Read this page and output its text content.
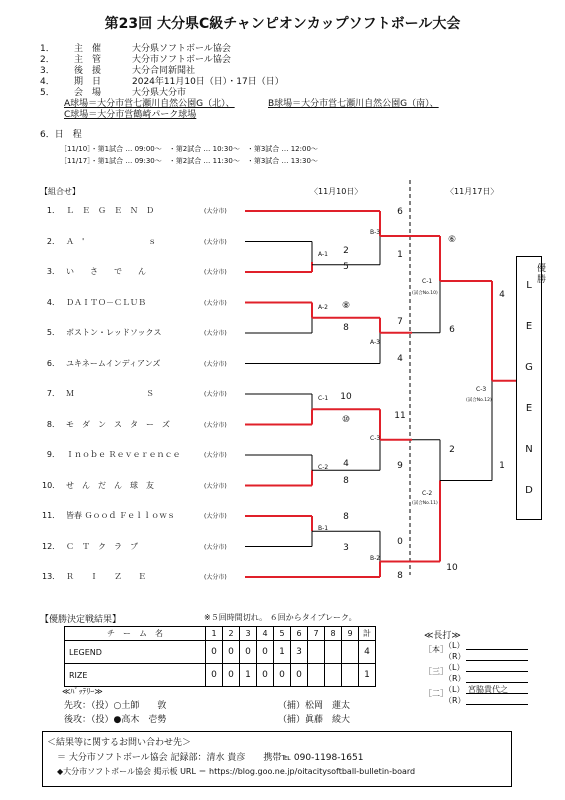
第23回 大分県C級チャンピオンカップソフトボール大会
1． 主　催	大分県ソフトボール協会
2． 主　管	大分市ソフトボール協会
3． 後　援	大分合同新聞社
4． 期　日	2024年11月10日（日）・17日（日）
5． 会　場	大分県大分市
A球場＝大分市営七瀬川自然公園G（北）、	B球場＝大分市営七瀬川自然公園G（南）、
C球場＝大分市営鶴崎パーク球場
6．日　程
［11/10］・第1試合 … 09:00～　・第2試合 … 10:30～　・第3試合 … 12:00～
［11/17］・第1試合 … 09:30～　・第2試合 … 11:30～　・第3試合 … 13:30～
【組合せ】	〈11月10日〉	〈11月17日〉
1． Ｌ　Ｅ　Ｇ　Ｅ　Ｎ　Ｄ	(大分市)
2． Ａ　'　　　　　　　　ｓ	(大分市)
3． い　　さ　　で　　ん	(大分市)
4． ＤＡＩＴＯ－ＣＬＵＢ	(大分市)
5． ボストン・レッドソックス	(大分市)
6． ユキネームインディアンズ	(大分市)
7． Ｍ　　　　　　　　　Ｓ	(大分市)
8． モ　ダ　ン　ス　タ　ー　ズ	(大分市)
9． Ｉｎｏｂｅ Ｒｅｖｅｒｅｎｃｅ	(大分市)
10． せ　ん　だ　ん　球　友	(大分市)
11． 皆春 Ｇｏｏｄ Ｆｅｌｌｏｗｓ	(大分市)
12． Ｃ　Ｔ　ク　ラ　ブ	(大分市)
13． Ｒ　　Ｉ　　Ｚ　　Ｅ	(大分市)
A-1	2
5
A-2 ⑧
8
A-3
7
4
B-1
8
3
B-2
0
8
B-3
6
1
C-1
(試合No.10)
⑥
6
C-1 10
⑩
C-2	4
8
C-3
11
9
C-2
(試合No.11)
2
10
C-3
(試合No.12)
4
1
優勝
L
E
G
E
N
D
【優勝決定戦結果】	※５回時間切れ。 ６回からタイブレーク。
チ　ー　ム　名	1	2	3	4	5	6	7	8	9	計
LEGEND	0	0	0	0	1	3				4
RIZE	0	0	1	0	0	0				1
≪ﾊﾞｯﾃﾘｰ≫
先攻：（投）○土師　　敦	（捕）松岡　蓮太
後攻：（投）●高木　壱勢	（捕）眞藤　綾大
≪長打≫
［本］
（L）
（R）
［三］
（L）
（R）
［二］
（L）
（R）
宮脇貴代之
＜結果等に関するお問い合わせ先＞
＝ 大分市ソフトボール協会 記録部：清水 貴彦　　携帯℡ 090-1198-1651
◆大分市ソフトボール協会 掲示板 URL ＝ https://blog.goo.ne.jp/oitacitysoftball-bulletin-board
